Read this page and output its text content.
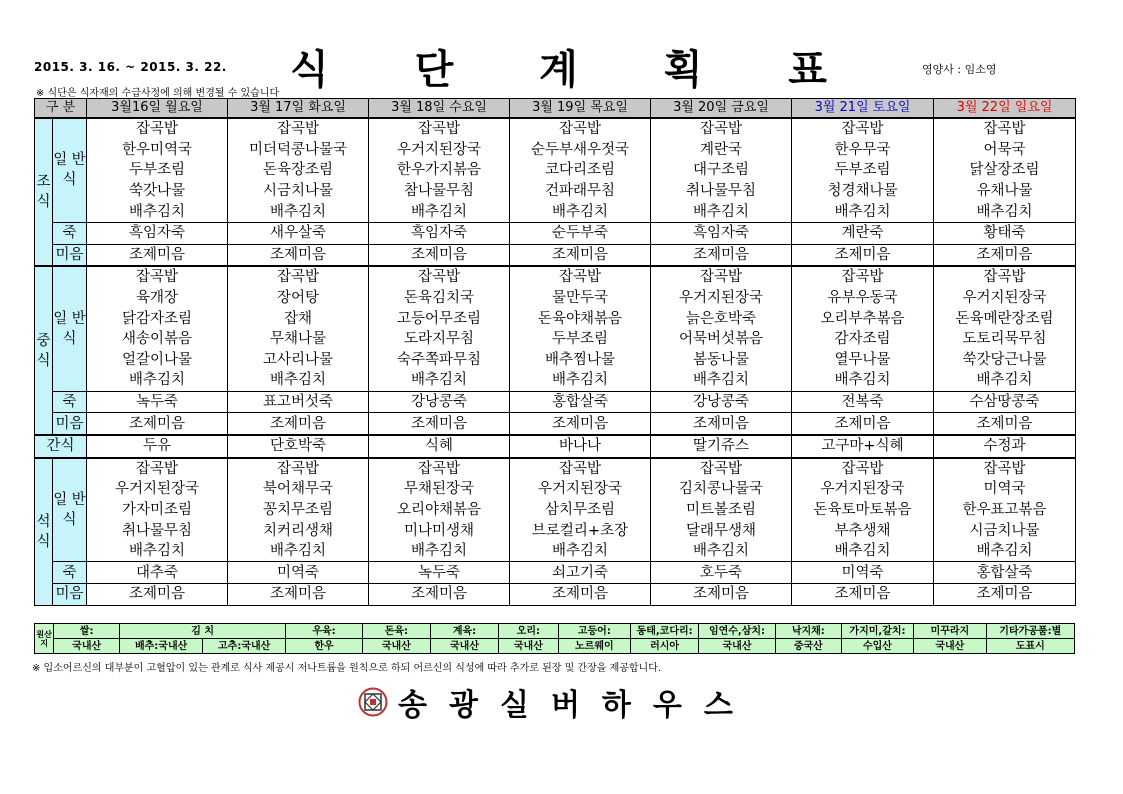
2015. 3. 16. ~ 2015. 3. 22. 식 단 계 획 표	영양사 : 임소영
※ 식단은 식자재의 수급사정에 의해 변경될 수 있습니다
구 분		3월16일 월요일	3월 17일 화요일	3월 18일 수요일	3월 19일 목요일	3월 20일 금요일	3월 21일 토요일	3월 22일 일요일
조 식	일 반 식	잡곡밥	잡곡밥	잡곡밥	잡곡밥	잡곡밥	잡곡밥	잡곡밥
		한우미역국	미더덕콩나물국	우거지된장국	순두부새우젓국	계란국	한우무국	어묵국
		두부조림	돈육장조림	한우가지볶음	코다리조림	대구조림	두부조림	닭살장조림
		쑥갓나물	시금치나물	참나물무침	건파래무침	취나물무침	청경채나물	유채나물
		배추김치	배추김치	배추김치	배추김치	배추김치	배추김치	배추김치
	죽	흑임자죽	새우살죽	흑임자죽	순두부죽	흑임자죽	계란죽	황태죽
	미음	조제미음	조제미음	조제미음	조제미음	조제미음	조제미음	조제미음
중 식	일 반 식	잡곡밥	잡곡밥	잡곡밥	잡곡밥	잡곡밥	잡곡밥	잡곡밥
		육개장	장어탕	돈육김치국	물만두국	우거지된장국	유부우동국	우거지된장국
		닭감자조림	잡채	고등어무조림	돈육야채볶음	늙은호박죽	오리부추볶음	돈육메란장조림
		새송이볶음	무채나물	도라지무침	두부조림	어묵버섯볶음	감자조림	도토리묵무침
		얼갈이나물	고사리나물	숙주쪽파무침	배추찜나물	봄동나물	열무나물	쑥갓당근나물
		배추김치	배추김치	배추김치	배추김치	배추김치	배추김치	배추김치
	죽	녹두죽	표고버섯죽	강낭콩죽	홍합살죽	강낭콩죽	전복죽	수삼땅콩죽
	미음	조제미음	조제미음	조제미음	조제미음	조제미음	조제미음	조제미음
간식		두유	단호박죽	식혜	바나나	딸기쥬스	고구마+식혜	수정과
석 식	일 반 식	잡곡밥	잡곡밥	잡곡밥	잡곡밥	잡곡밥	잡곡밥	잡곡밥
		우거지된장국	북어채무국	무채된장국	우거지된장국	김치콩나물국	우거지된장국	미역국
		가자미조림	꽁치무조림	오리야채볶음	삼치무조림	미트볼조림	돈육토마토볶음	한우표고볶음
		취나물무침	치커리생채	미나미생채	브로컬리+초장	달래무생채	부추생채	시금치나물
		배추김치	배추김치	배추김치	배추김치	배추김치	배추김치	배추김치
	죽	대추죽	미역죽	녹두죽	쇠고기죽	호두죽	미역죽	홍합살죽
	미음	조제미음	조제미음	조제미음	조제미음	조제미음	조제미음	조제미음
원산지	쌀:	김 치		우육:	돈육:	계육:	오리:	고등어:	동태,코다리:	임연수,삼치:	낙지채:	가지미,갈치:	미꾸라지	기타가공품:별
	국내산	배추:국내산	고추:국내산	한우	국내산	국내산	국내산	노르웨이	러시아	국내산	중국산	수입산	국내산	도표시
※ 입소어르신의 대부분이 고혈압이 있는 관계로 식사 제공시 저나트륨을 원칙으로 하되 어르신의 식성에 따라 추가로 된장 및 간장을 제공합니다.
송광실버하우스
